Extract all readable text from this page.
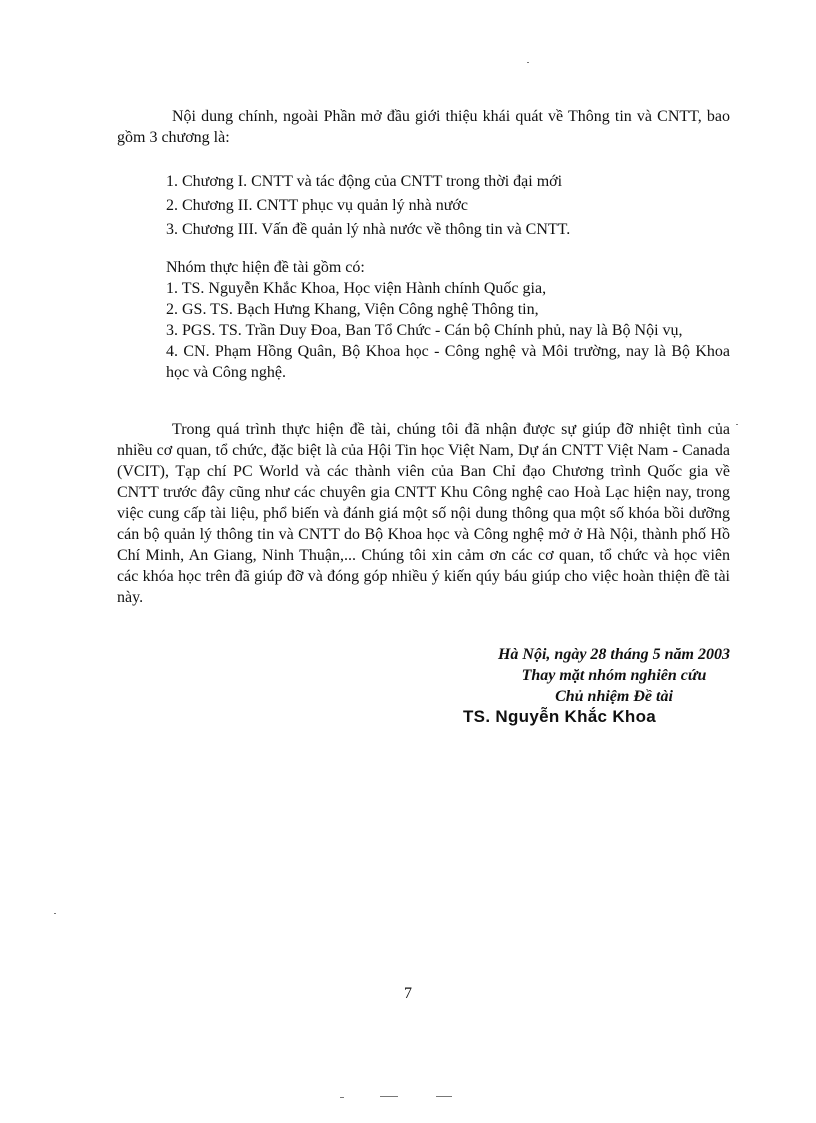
Nội dung chính, ngoài Phần mở đầu giới thiệu khái quát về Thông tin và CNTT, bao gồm 3 chương là:

1. Chương I. CNTT và tác động của CNTT trong thời đại mới
2. Chương II. CNTT phục vụ quản lý nhà nước
3. Chương III. Vấn đề quản lý nhà nước về thông tin và CNTT.

Nhóm thực hiện đề tài gồm có:

1. TS. Nguyễn Khắc Khoa, Học viện Hành chính Quốc gia,
2. GS. TS. Bạch Hưng Khang, Viện Công nghệ Thông tin,
3. PGS. TS. Trần Duy Đoa, Ban Tổ Chức - Cán bộ Chính phủ, nay là Bộ Nội vụ,
4. CN. Phạm Hồng Quân, Bộ Khoa học - Công nghệ và Môi trường, nay là Bộ Khoa học và Công nghệ.

Trong quá trình thực hiện đề tài, chúng tôi đã nhận được sự giúp đỡ nhiệt tình của nhiều cơ quan, tổ chức, đặc biệt là của Hội Tin học Việt Nam, Dự án CNTT Việt Nam - Canada (VCIT), Tạp chí PC World và các thành viên của Ban Chỉ đạo Chương trình Quốc gia về CNTT trước đây cũng như các chuyên gia CNTT Khu Công nghệ cao Hoà Lạc hiện nay, trong việc cung cấp tài liệu, phổ biến và đánh giá một số nội dung thông qua một số khóa bồi dưỡng cán bộ quản lý thông tin và CNTT do Bộ Khoa học và Công nghệ mở ở Hà Nội, thành phố Hồ Chí Minh, An Giang, Ninh Thuận,... Chúng tôi xin cảm ơn các cơ quan, tổ chức và học viên các khóa học trên đã giúp đỡ và đóng góp nhiều ý kiến qúy báu giúp cho việc hoàn thiện đề tài này.

Hà Nội, ngày 28 tháng 5 năm 2003
Thay mặt nhóm nghiên cứu
Chủ nhiệm Đề tài
TS. Nguyễn Khắc Khoa
7
